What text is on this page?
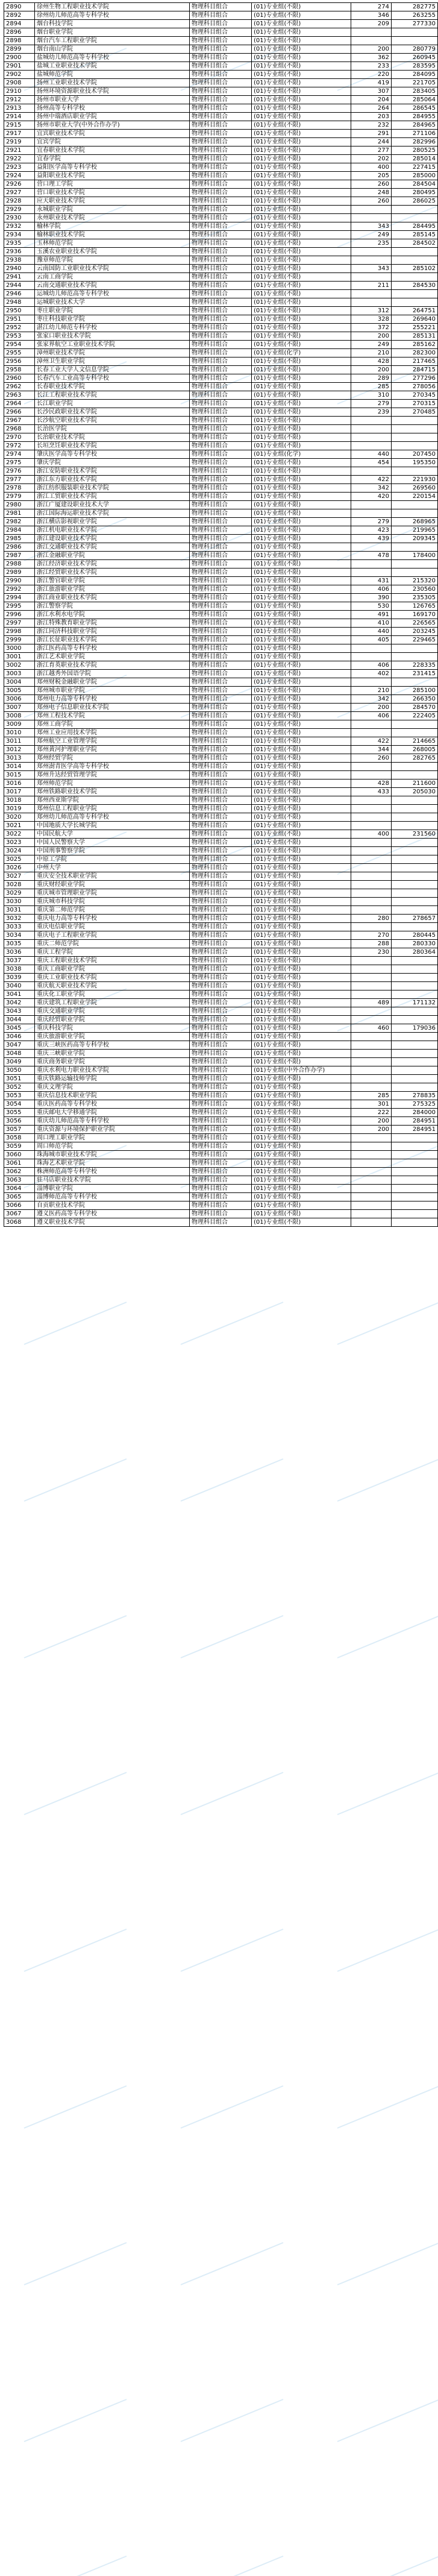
2890	徐州生物工程职业技术学院	物理科目组合	(01)专业组(不限)	274	282775
2892	徐州幼儿师范高等专科学校	物理科目组合	(01)专业组(不限)	346	263255
2894	烟台科技学院	物理科目组合	(01)专业组(不限)	209	277330
2896	烟台职业学院	物理科目组合	(01)专业组(不限)		
2898	烟台汽车工程职业学院	物理科目组合	(01)专业组(不限)		
2899	烟台南山学院	物理科目组合	(01)专业组(不限)	200	280779
2900	盐城幼儿师范高等专科学校	物理科目组合	(01)专业组(不限)	362	260945
2901	盐城工业职业技术学院	物理科目组合	(01)专业组(不限)	233	283595
2902	盐城师范学院	物理科目组合	(01)专业组(不限)	220	284095
2908	扬州工业职业技术学院	物理科目组合	(01)专业组(不限)	419	221705
2910	扬州环境资源职业技术学院	物理科目组合	(01)专业组(不限)	307	283405
2912	扬州市职业大学	物理科目组合	(01)专业组(不限)	204	285064
2913	扬州高等专科学校	物理科目组合	(01)专业组(不限)	264	286545
2914	扬州中瑞酒店职业学院	物理科目组合	(01)专业组(不限)	203	284955
2915	扬州市职业大学(中外合作办学)	物理科目组合	(01)专业组(不限)	232	284965
2917	宜宾职业技术学院	物理科目组合	(01)专业组(不限)	291	271106
2919	宜宾学院	物理科目组合	(01)专业组(不限)	244	282996
2921	宜春职业技术学院	物理科目组合	(01)专业组(不限)	277	280525
2922	宜春学院	物理科目组合	(01)专业组(不限)	202	285014
2923	益阳医学高等专科学校	物理科目组合	(01)专业组(不限)	400	227415
2924	益阳职业技术学院	物理科目组合	(01)专业组(不限)	205	285000
2926	营口理工学院	物理科目组合	(01)专业组(不限)	260	284504
2927	营口职业技术学院	物理科目组合	(01)专业组(不限)	248	280495
2928	应天职业技术学院	物理科目组合	(01)专业组(不限)	260	286025
2929	永城职业学院	物理科目组合	(01)专业组(不限)		
2930	永州职业技术学院	物理科目组合	(01)专业组(不限)		
2932	榆林学院	物理科目组合	(01)专业组(不限)	343	284495
2934	榆林职业技术学院	物理科目组合	(01)专业组(不限)	249	285145
2935	玉林师范学院	物理科目组合	(01)专业组(不限)	235	284502
2936	玉溪农业职业技术学院	物理科目组合	(01)专业组(不限)		
2938	豫章师范学院	物理科目组合	(01)专业组(不限)		
2940	云南国防工业职业技术学院	物理科目组合	(01)专业组(不限)	343	285102
2941	云南工商学院	物理科目组合	(01)专业组(不限)		
2944	云南交通职业技术学院	物理科目组合	(01)专业组(不限)	211	284530
2946	运城幼儿师范高等专科学校	物理科目组合	(01)专业组(不限)		
2948	运城职业技术大学	物理科目组合	(01)专业组(不限)		
2950	枣庄职业学院	物理科目组合	(01)专业组(不限)	312	264751
2951	枣庄科技职业学院	物理科目组合	(01)专业组(不限)	328	269640
2952	湛江幼儿师范专科学校	物理科目组合	(01)专业组(不限)	372	255221
2953	张家口职业技术学院	物理科目组合	(01)专业组(不限)	200	285131
2954	张家界航空工业职业技术学院	物理科目组合	(01)专业组(不限)	249	285162
2955	漳州职业技术学院	物理科目组合	(01)专业组(化学)	210	282300
2956	漳州卫生职业学院	物理科目组合	(01)专业组(不限)	428	217465
2958	长春工业大学人文信息学院	物理科目组合	(01)专业组(不限)	200	284715
2960	长春汽车工业高等专科学校	物理科目组合	(01)专业组(不限)	289	277296
2962	长春职业技术学院	物理科目组合	(01)专业组(不限)	285	278056
2963	长江工程职业技术学院	物理科目组合	(01)专业组(不限)	310	270345
2964	长江职业学院	物理科目组合	(01)专业组(不限)	279	270315
2966	长沙民政职业技术学院	物理科目组合	(01)专业组(不限)	239	270485
2967	长沙航空职业技术学院	物理科目组合	(01)专业组(不限)		
2968	长治医学院	物理科目组合	(01)专业组(不限)		
2970	长治职业技术学院	物理科目组合	(01)专业组(不限)		
2972	长垣烹饪职业技术学院	物理科目组合	(01)专业组(不限)		
2974	肇庆医学高等专科学校	物理科目组合	(01)专业组(化学)	440	207450
2975	肇庆学院	物理科目组合	(01)专业组(不限)	454	195350
2976	浙江安防职业技术学院	物理科目组合	(01)专业组(不限)		
2977	浙江东方职业技术学院	物理科目组合	(01)专业组(不限)	422	221930
2978	浙江纺织服装职业技术学院	物理科目组合	(01)专业组(不限)	342	269560
2979	浙江工贸职业技术学院	物理科目组合	(01)专业组(不限)	420	220154
2980	浙江广厦建设职业技术大学	物理科目组合	(01)专业组(不限)		
2981	浙江国际海运职业技术学院	物理科目组合	(01)专业组(不限)		
2982	浙江横店影视职业学院	物理科目组合	(01)专业组(不限)	279	268965
2984	浙江机电职业技术学院	物理科目组合	(01)专业组(不限)	423	219965
2985	浙江建设职业技术学院	物理科目组合	(01)专业组(不限)	439	209345
2986	浙江交通职业技术学院	物理科目组合	(01)专业组(不限)		
2987	浙江金融职业学院	物理科目组合	(01)专业组(不限)	478	178400
2988	浙江经济职业技术学院	物理科目组合	(01)专业组(不限)		
2989	浙江经贸职业技术学院	物理科目组合	(01)专业组(不限)		
2990	浙江警官职业学院	物理科目组合	(01)专业组(不限)	431	215320
2992	浙江旅游职业学院	物理科目组合	(01)专业组(不限)	406	230560
2994	浙江商业职业技术学院	物理科目组合	(01)专业组(不限)	390	235305
2995	浙江警察学院	物理科目组合	(01)专业组(不限)	530	126765
2996	浙江水利水电学院	物理科目组合	(01)专业组(不限)	491	169170
2997	浙江特殊教育职业学院	物理科目组合	(01)专业组(不限)	410	226565
2998	浙江同济科技职业学院	物理科目组合	(01)专业组(不限)	440	203245
2999	浙江长征职业技术学院	物理科目组合	(01)专业组(不限)	405	229465
3000	浙江医药高等专科学校	物理科目组合	(01)专业组(不限)		
3001	浙江艺术职业学院	物理科目组合	(01)专业组(不限)		
3002	浙江育英职业技术学院	物理科目组合	(01)专业组(不限)	406	228335
3003	浙江越秀外国语学院	物理科目组合	(01)专业组(不限)	402	231415
3004	郑州财税金融职业学院	物理科目组合	(01)专业组(不限)		
3005	郑州城市职业学院	物理科目组合	(01)专业组(不限)	210	285100
3006	郑州电力高等专科学校	物理科目组合	(01)专业组(不限)	342	266350
3007	郑州电子信息职业技术学院	物理科目组合	(01)专业组(不限)	200	284570
3008	郑州工程技术学院	物理科目组合	(01)专业组(不限)	406	222405
3009	郑州工商学院	物理科目组合	(01)专业组(不限)		
3010	郑州工业应用技术学院	物理科目组合	(01)专业组(不限)		
3011	郑州航空工业管理学院	物理科目组合	(01)专业组(不限)	422	214665
3012	郑州黄河护理职业学院	物理科目组合	(01)专业组(不限)	344	268005
3013	郑州经贸学院	物理科目组合	(01)专业组(不限)	260	282765
3014	郑州澍青医学高等专科学校	物理科目组合	(01)专业组(不限)		
3015	郑州升达经贸管理学院	物理科目组合	(01)专业组(不限)		
3016	郑州师范学院	物理科目组合	(01)专业组(不限)	428	211600
3017	郑州铁路职业技术学院	物理科目组合	(01)专业组(不限)	433	205030
3018	郑州西亚斯学院	物理科目组合	(01)专业组(不限)		
3019	郑州信息工程职业学院	物理科目组合	(01)专业组(不限)		
3020	郑州幼儿师范高等专科学校	物理科目组合	(01)专业组(不限)		
3021	中国地质大学长城学院	物理科目组合	(01)专业组(不限)		
3022	中国民航大学	物理科目组合	(01)专业组(不限)	400	231560
3023	中国人民警察大学	物理科目组合	(01)专业组(不限)		
3024	中国刑事警察学院	物理科目组合	(01)专业组(不限)		
3025	中原工学院	物理科目组合	(01)专业组(不限)		
3026	中州大学	物理科目组合	(01)专业组(不限)		
3027	重庆安全技术职业学院	物理科目组合	(01)专业组(不限)		
3028	重庆财经职业学院	物理科目组合	(01)专业组(不限)		
3029	重庆城市管理职业学院	物理科目组合	(01)专业组(不限)		
3030	重庆城市科技学院	物理科目组合	(01)专业组(不限)		
3031	重庆第二师范学院	物理科目组合	(01)专业组(不限)		
3032	重庆电力高等专科学校	物理科目组合	(01)专业组(不限)	280	278657
3033	重庆电信职业学院	物理科目组合	(01)专业组(不限)		
3034	重庆电子工程职业学院	物理科目组合	(01)专业组(不限)	270	280445
3035	重庆二师范学院	物理科目组合	(01)专业组(不限)	288	280330
3036	重庆工程学院	物理科目组合	(01)专业组(不限)	230	280364
3037	重庆工程职业技术学院	物理科目组合	(01)专业组(不限)		
3038	重庆工商职业学院	物理科目组合	(01)专业组(不限)		
3039	重庆工业职业技术学院	物理科目组合	(01)专业组(不限)		
3040	重庆航天职业技术学院	物理科目组合	(01)专业组(不限)		
3041	重庆化工职业学院	物理科目组合	(01)专业组(不限)		
3042	重庆建筑工程职业学院	物理科目组合	(01)专业组(不限)	489	171132
3043	重庆交通职业学院	物理科目组合	(01)专业组(不限)		
3044	重庆经贸职业学院	物理科目组合	(01)专业组(不限)		
3045	重庆科技学院	物理科目组合	(01)专业组(不限)	460	179036
3046	重庆旅游职业学院	物理科目组合	(01)专业组(不限)		
3047	重庆三峡医药高等专科学校	物理科目组合	(01)专业组(不限)		
3048	重庆三峡职业学院	物理科目组合	(01)专业组(不限)		
3049	重庆商务职业学院	物理科目组合	(01)专业组(不限)		
3050	重庆水利电力职业技术学院	物理科目组合	(01)专业组(中外合作办学)		
3051	重庆铁路运输技师学院	物理科目组合	(01)专业组(不限)		
3052	重庆文理学院	物理科目组合	(01)专业组(不限)		
3053	重庆信息技术职业学院	物理科目组合	(01)专业组(不限)	285	278835
3054	重庆医药高等专科学校	物理科目组合	(01)专业组(不限)	301	275325
3055	重庆邮电大学移通学院	物理科目组合	(01)专业组(不限)	222	284000
3056	重庆幼儿师范高等专科学校	物理科目组合	(01)专业组(不限)	200	284951
3057	重庆资源与环境保护职业学院	物理科目组合	(01)专业组(不限)	200	284951
3058	周口理工职业学院	物理科目组合	(01)专业组(不限)		
3059	周口师范学院	物理科目组合	(01)专业组(不限)		
3060	珠海城市职业技术学院	物理科目组合	(01)专业组(不限)		
3061	珠海艺术职业学院	物理科目组合	(01)专业组(不限)		
3062	株洲师范高等专科学校	物理科目组合	(01)专业组(不限)		
3063	驻马店职业技术学院	物理科目组合	(01)专业组(不限)		
3064	淄博职业学院	物理科目组合	(01)专业组(不限)		
3065	淄博师范高等专科学校	物理科目组合	(01)专业组(不限)		
3066	自贡职业技术学院	物理科目组合	(01)专业组(不限)		
3067	遵义医药高等专科学校	物理科目组合	(01)专业组(不限)		
3068	遵义职业技术学院	物理科目组合	(01)专业组(不限)		
